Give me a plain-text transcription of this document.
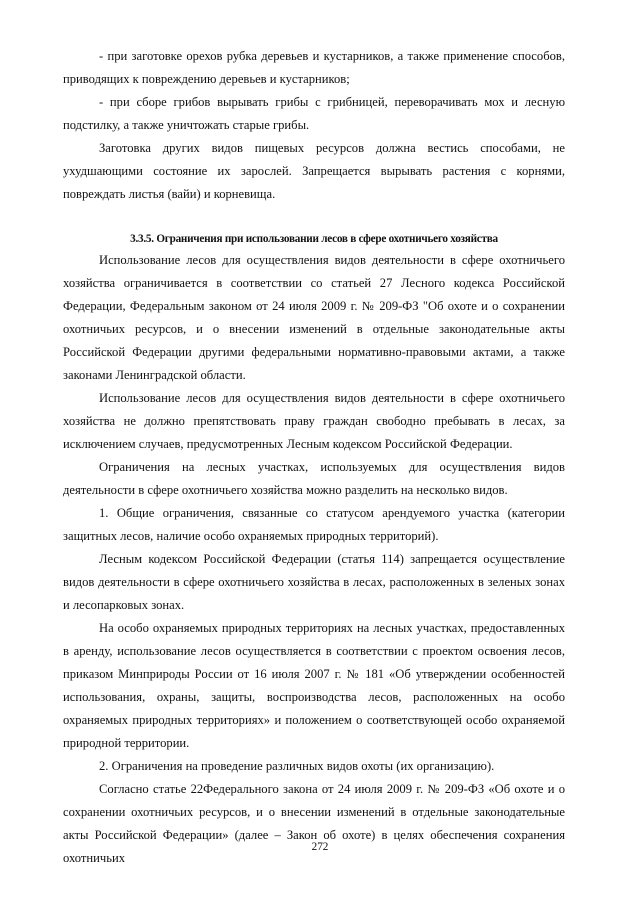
- при заготовке орехов рубка деревьев и кустарников, а также применение способов, приводящих к повреждению деревьев и кустарников;

- при сборе грибов вырывать грибы с грибницей, переворачивать мох и лесную подстилку, а также уничтожать старые грибы.

Заготовка других видов пищевых ресурсов должна вестись способами, не ухудшающими состояние их зарослей. Запрещается вырывать растения с корнями, повреждать листья (вайи) и корневища.

3.3.5. Ограничения при использовании лесов в сфере охотничьего хозяйства

Использование лесов для осуществления видов деятельности в сфере охотничьего хозяйства ограничивается в соответствии со статьей 27 Лесного кодекса Российской Федерации, Федеральным законом от 24 июля 2009 г. № 209-ФЗ "Об охоте и о сохранении охотничьих ресурсов, и о внесении изменений в отдельные законодательные акты Российской Федерации другими федеральными нормативно-правовыми актами, а также законами Ленинградской области.

Использование лесов для осуществления видов деятельности в сфере охотничьего хозяйства не должно препятствовать праву граждан свободно пребывать в лесах, за исключением случаев, предусмотренных Лесным кодексом Российской Федерации.

Ограничения на лесных участках, используемых для осуществления видов деятельности в сфере охотничьего хозяйства можно разделить на несколько видов.

1. Общие ограничения, связанные со статусом арендуемого участка (категории защитных лесов, наличие особо охраняемых природных территорий).

Лесным кодексом Российской Федерации (статья 114) запрещается осуществление видов деятельности в сфере охотничьего хозяйства в лесах, расположенных в зеленых зонах и лесопарковых зонах.

На особо охраняемых природных территориях на лесных участках, предоставленных в аренду, использование лесов осуществляется в соответствии с проектом освоения лесов, приказом Минприроды России от 16 июля 2007 г. № 181 «Об утверждении особенностей использования, охраны, защиты, воспроизводства лесов, расположенных на особо охраняемых природных территориях» и положением о соответствующей особо охраняемой природной территории.

2. Ограничения на проведение различных видов охоты (их организацию).

Согласно статье 22Федерального закона от 24 июля 2009 г. № 209-ФЗ «Об охоте и о сохранении охотничьих ресурсов, и о внесении изменений в отдельные законодательные акты Российской Федерации» (далее – Закон об охоте) в целях обеспечения сохранения охотничьих

272
